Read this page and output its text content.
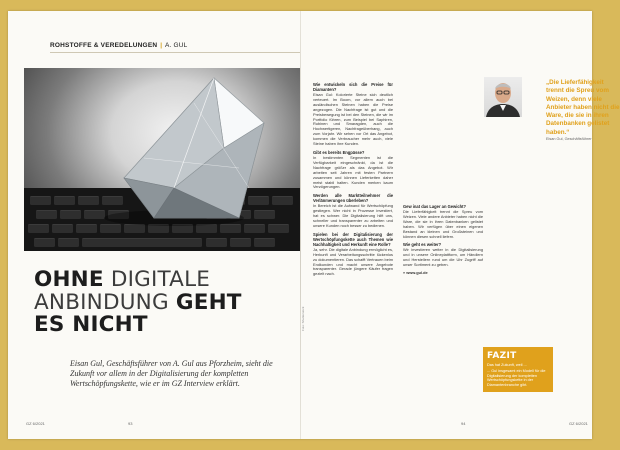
ROHSTOFFE & VEREDELUNGEN | A. GUL
OHNE DIGITALE
ANBINDUNG GEHT
ES NICHT
Eisan Gul, Geschäftsführer von A. Gul aus Pforzheim, sieht die Zukunft vor allem in der Digitalisierung der kompletten Wertschöpfungskette, wie er im GZ Interview erklärt.
Foto: Shutterstock
GZ 6/2021	93
Wie entwickeln sich die Preise für Diamanten?

Eisan Gul: Kolorierte Steine sich deutlich verteuert. Im Boom, vor allem auch bei ausländischen Steinen haben die Preise angezogen. Die Nachfrage ist gut und die Preisbewegung ist bei den Steinen, die wir im Portfolio führen, zum Beispiel bei Saphiren, Rubinen und Smaragden, auch die Hochwertigeren, Nachfrageüberhang, auch zum Vorjahr. Wir sehen vor Ort das Angebot, kommen die Verbraucher mehr auch, viele Steine haben ihre Kunden.

Gibt es bereits Engpässe?

In bestimmten Segmenten ist die Verfügbarkeit eingeschränkt, da ist die Nachfrage größer als das Angebot. Wir arbeiten seit Jahren mit festen Partnern zusammen und können Lieferketten daher meist stabil halten. Kunden merken kaum Verzögerungen.

Werden alle Marktteilnehmer die Verlänmerungen überleben?

In Bereich ist die Aufwand für Wertschöpfung gestiegen. Wer nicht in Prozesse investiert, hat es schwer. Die Digitalisierung hilft uns, schneller und transparenter zu arbeiten und unsere Kunden noch besser zu bedienen.

Spielen bei der Digitalisierung der Wertschöpfungskette auch Themen wie Nachhaltigkeit und Herkunft eine Rolle?

Ja, sehr. Die digitale Anbindung ermöglicht es, Herkunft und Verarbeitungsschritte lückenlos zu dokumentieren. Das schafft Vertrauen beim Endkunden und macht unsere Angebote transparenter. Gerade jüngere Käufer fragen gezielt nach.

Gew inat das Lager an Gewicht?

Die Lieferfähigkeit trennt die Spreu vom Weizen. Viele andere Anbieter haben nicht die Ware, die sie in ihren Datenbanken gelistet haben. Wir verfügen über einen eigenen Bestand an kleinen und Großsteinen und können diesen schnell liefern.

Wie geht es weiter?

Wir investieren weiter in die Digitalisierung und in unsere Onlineplattform, um Händlern und Herstellern rund um die Uhr Zugriff auf unser Sortiment zu geben.

» www.gul.de

„Die Lieferfähigkeit trennt die Spreu vom Weizen, denn viele Anbieter haben nicht die Ware, die sie in ihren Datenbanken gelistet haben.“
Eisan Gul, Geschäftsführer
FAZIT
Das hat Zukunft, weil ...
... Gul insgesamt ein Modell für die Digitalisierung der kompletten Wertschöpfungskette in der Diamantenbranche gibt.
94	GZ 6/2021
